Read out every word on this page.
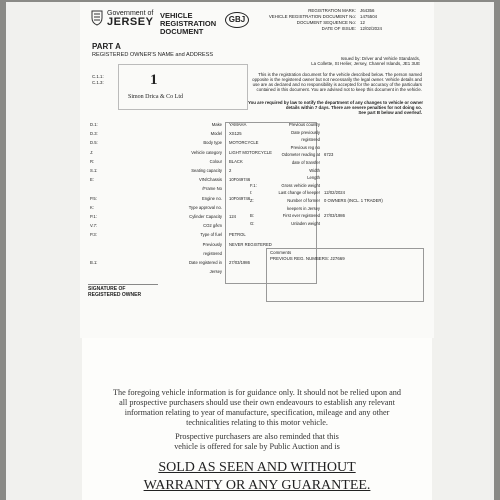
Government of
JERSEY
VEHICLE
REGISTRATION
DOCUMENT
GBJ
REGISTRATION MARK: J64356
VEHICLE REGISTRATION DOCUMENT No: 1475504
DOCUMENT SEQUENCE No: 12
DATE OF ISSUE: 12/02/2024
PART A
REGISTERED OWNER'S NAME and ADDRESS
C.1.1:
C.1.3:	1
Simon Drica & Co Ltd
Issued by: Driver and Vehicle Standards,
La Collette, St Helier, Jersey, Channel Islands, JE1 3UE
This is the registration document for the vehicle described below. The person named
opposite is the registered owner but not necessarily the legal owner. Vehicle details and
use are as declared and no responsibility is accepted for the accuracy of the particulars
contained in this document. You are advised not to keep this document in the vehicle.
You are required by law to notify the department of any changes to vehicle or owner
details within 7 days. There are severe penalties for not doing so.
See part B below and overleaf.
D.1:	Make YAMAHA
D.3:	Model XS125
D.5:	Body type MOTORCYCLE
J:	Vehicle category LIGHT MOTORCYCLE
R:	Colour BLACK
S.1:	Seating capacity 2
E:	VIN/Chassis 10F049746
/Frame No
P.5:	Engine no. 10F049746
K:	Type approval no.
P.1:	Cylinder Capacity 124
V.7:	CO2 g/km
P.3:	Type of fuel PETROL
Previously NEVER REGISTERED
registered
B.1:	Date registered in 27/03/1986
Jersey
Previous country
Date previously
registered
Previous reg no
Odometer reading at 6723
date of transfer
Width
Length
F.1:	Gross vehicle weight
I:	Last change of keeper 12/02/2024
Z:	Number of former 0 OWNERS (INCL. 1 TRADER)
keepers in Jersey
B:	First ever registered 27/03/1986
G:	Unladen weight
Comments
PREVIOUS REG. NUMBERS: J27669
SIGNATURE OF
REGISTERED OWNER
The foregoing vehicle information is for guidance only. It should not be relied upon and
all prospective purchasers should use their own endeavours to establish any relevant
information relating to year of manufacture, specification, mileage and any other
technicalities relating to this motor vehicle.
Prospective purchasers are also reminded that this
vehicle is offered for sale by Public Auction and is
SOLD AS SEEN AND WITHOUT
WARRANTY OR ANY GUARANTEE.
